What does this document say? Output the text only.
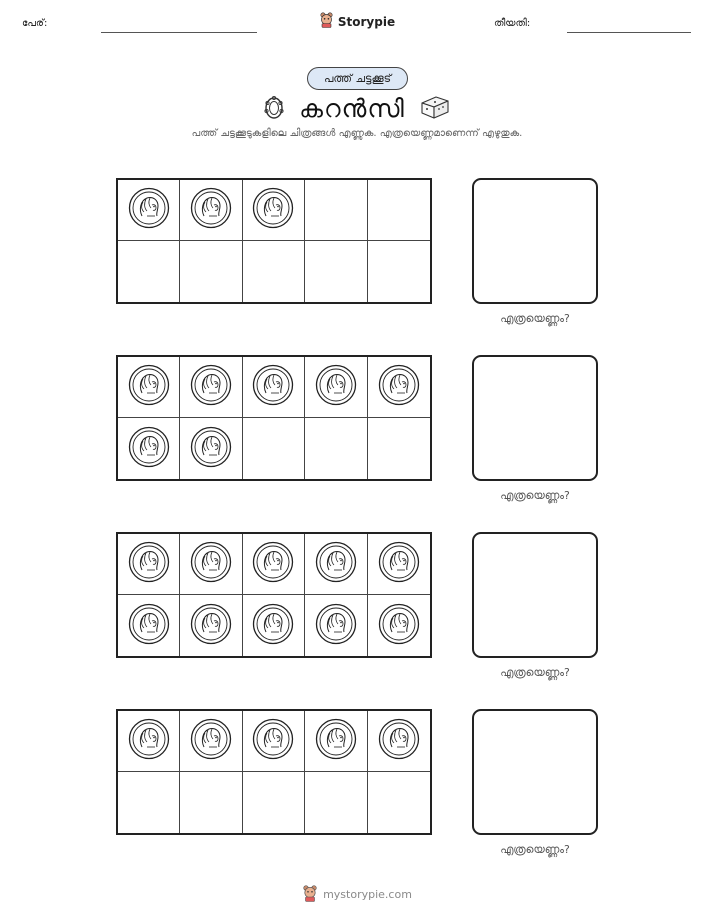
പേര്:	Storypie	തീയതി:
പത്ത് ചട്ടക്കൂട്
കറൻസി
പത്ത് ചട്ടക്കൂടുകളിലെ ചിത്രങ്ങൾ എണ്ണുക. എത്രയെണ്ണമാണെന്ന് എഴുതുക.
എത്രയെണ്ണം?
എത്രയെണ്ണം?
എത്രയെണ്ണം?
എത്രയെണ്ണം?
mystorypie.com
